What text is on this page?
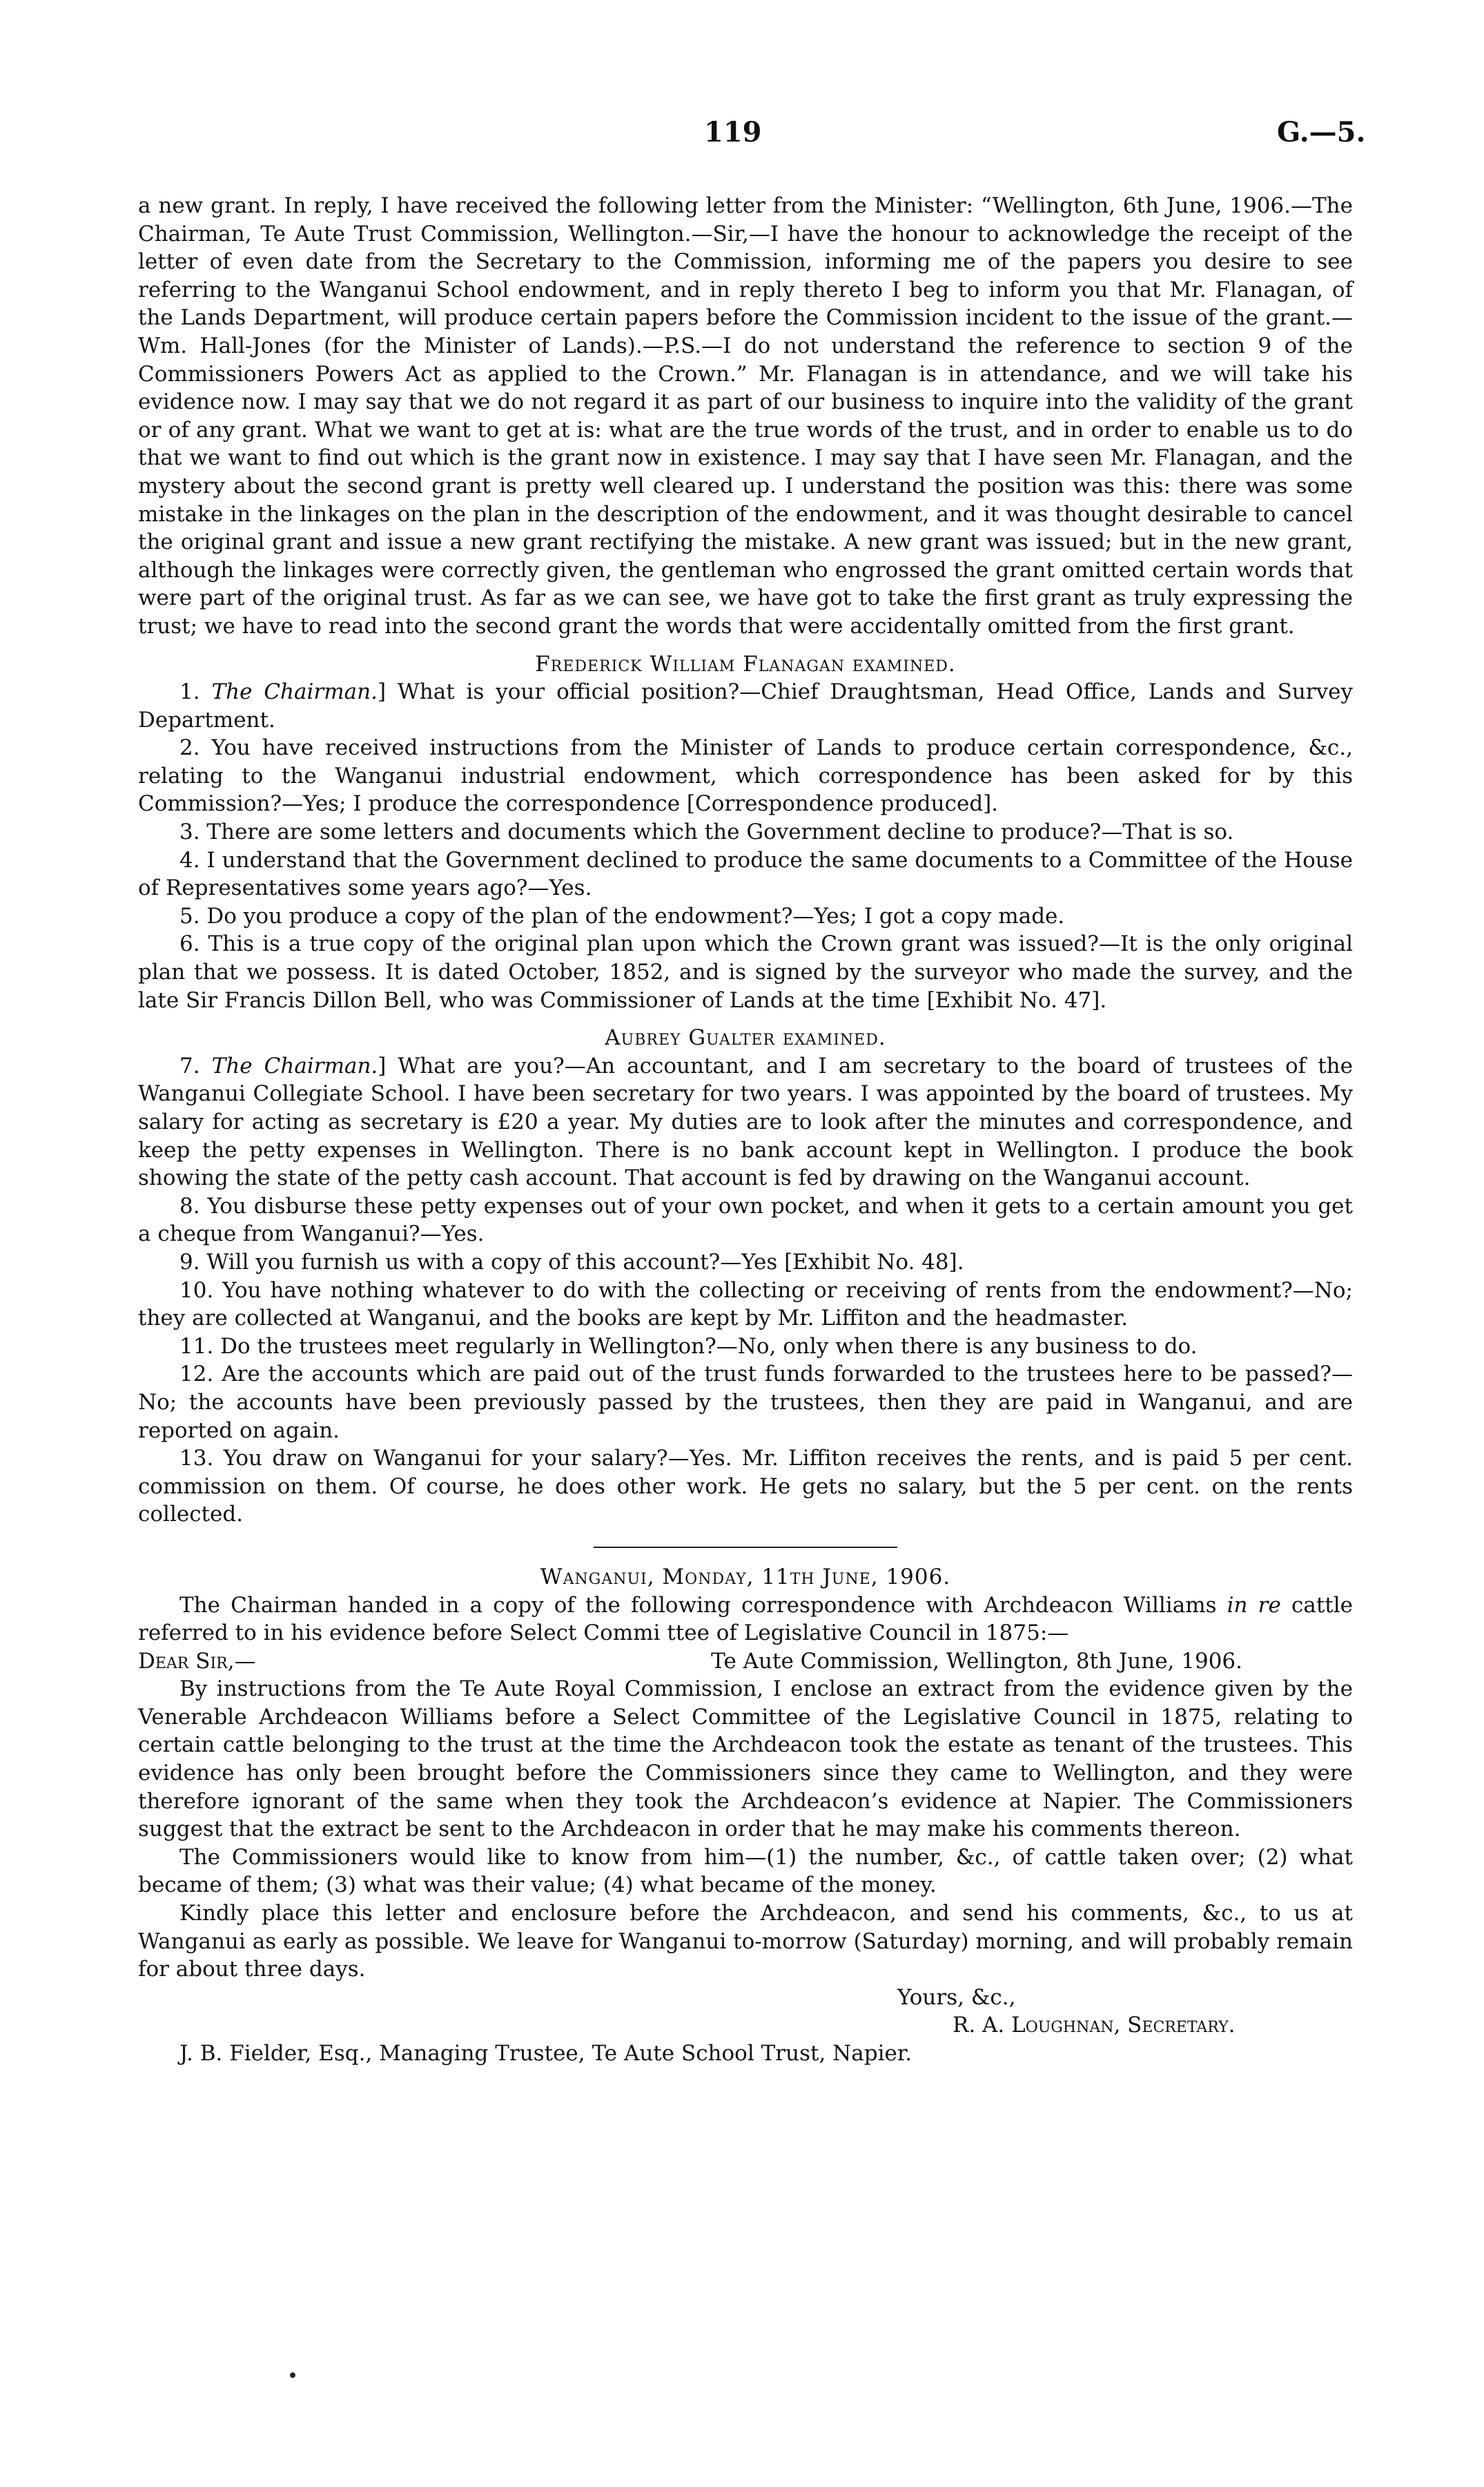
119	G.—5.

a new grant. In reply, I have received the following letter from the Minister: “Wellington, 6th June, 1906.—The Chairman, Te Aute Trust Commission, Wellington.—Sir,—I have the honour to acknowledge the receipt of the letter of even date from the Secretary to the Commission, informing me of the papers you desire to see referring to the Wanganui School endowment, and in reply thereto I beg to inform you that Mr. Flanagan, of the Lands Department, will produce certain papers before the Commission incident to the issue of the grant.—Wm. Hall-Jones (for the Minister of Lands).—P.S.—I do not understand the reference to section 9 of the Commissioners Powers Act as applied to the Crown.” Mr. Flanagan is in attendance, and we will take his evidence now. I may say that we do not regard it as part of our business to inquire into the validity of the grant or of any grant. What we want to get at is: what are the true words of the trust, and in order to enable us to do that we want to find out which is the grant now in existence. I may say that I have seen Mr. Flanagan, and the mystery about the second grant is pretty well cleared up. I understand the position was this: there was some mistake in the linkages on the plan in the description of the endowment, and it was thought desirable to cancel the original grant and issue a new grant rectifying the mistake. A new grant was issued; but in the new grant, although the linkages were correctly given, the gentleman who engrossed the grant omitted certain words that were part of the original trust. As far as we can see, we have got to take the first grant as truly expressing the trust; we have to read into the second grant the words that were accidentally omitted from the first grant.

Frederick William Flanagan examined.

1. The Chairman.] What is your official position?—Chief Draughtsman, Head Office, Lands and Survey Department.

2. You have received instructions from the Minister of Lands to produce certain correspondence, &c., relating to the Wanganui industrial endowment, which correspondence has been asked for by this Commission?—Yes; I produce the correspondence [Correspondence produced].

3. There are some letters and documents which the Government decline to produce?—That is so.

4. I understand that the Government declined to produce the same documents to a Committee of the House of Representatives some years ago?—Yes.

5. Do you produce a copy of the plan of the endowment?—Yes; I got a copy made.

6. This is a true copy of the original plan upon which the Crown grant was issued?—It is the only original plan that we possess. It is dated October, 1852, and is signed by the surveyor who made the survey, and the late Sir Francis Dillon Bell, who was Commissioner of Lands at the time [Exhibit No. 47].

Aubrey Gualter examined.

7. The Chairman.] What are you?—An accountant, and I am secretary to the board of trustees of the Wanganui Collegiate School. I have been secretary for two years. I was appointed by the board of trustees. My salary for acting as secretary is £20 a year. My duties are to look after the minutes and correspondence, and keep the petty expenses in Wellington. There is no bank account kept in Wellington. I produce the book showing the state of the petty cash account. That account is fed by drawing on the Wanganui account.

8. You disburse these petty expenses out of your own pocket, and when it gets to a certain amount you get a cheque from Wanganui?—Yes.

9. Will you furnish us with a copy of this account?—Yes [Exhibit No. 48].

10. You have nothing whatever to do with the collecting or receiving of rents from the endowment?—No; they are collected at Wanganui, and the books are kept by Mr. Liffiton and the headmaster.

11. Do the trustees meet regularly in Wellington?—No, only when there is any business to do.

12. Are the accounts which are paid out of the trust funds forwarded to the trustees here to be passed?—No; the accounts have been previously passed by the trustees, then they are paid in Wanganui, and are reported on again.

13. You draw on Wanganui for your salary?—Yes. Mr. Liffiton receives the rents, and is paid 5 per cent. commission on them. Of course, he does other work. He gets no salary, but the 5 per cent. on the rents collected.

Wanganui, Monday, 11th June, 1906.

The Chairman handed in a copy of the following correspondence with Archdeacon Williams in re cattle referred to in his evidence before Select Commi ttee of Legislative Council in 1875:—

Dear Sir,—	Te Aute Commission, Wellington, 8th June, 1906.

By instructions from the Te Aute Royal Commission, I enclose an extract from the evidence given by the Venerable Archdeacon Williams before a Select Committee of the Legislative Council in 1875, relating to certain cattle belonging to the trust at the time the Archdeacon took the estate as tenant of the trustees. This evidence has only been brought before the Commissioners since they came to Wellington, and they were therefore ignorant of the same when they took the Archdeacon’s evidence at Napier. The Commissioners suggest that the extract be sent to the Archdeacon in order that he may make his comments thereon.

The Commissioners would like to know from him—(1) the number, &c., of cattle taken over; (2) what became of them; (3) what was their value; (4) what became of the money.

Kindly place this letter and enclosure before the Archdeacon, and send his comments, &c., to us at Wanganui as early as possible. We leave for Wanganui to-morrow (Saturday) morning, and will probably remain for about three days.

Yours, &c.,

R. A. Loughnan, Secretary.

J. B. Fielder, Esq., Managing Trustee, Te Aute School Trust, Napier.
